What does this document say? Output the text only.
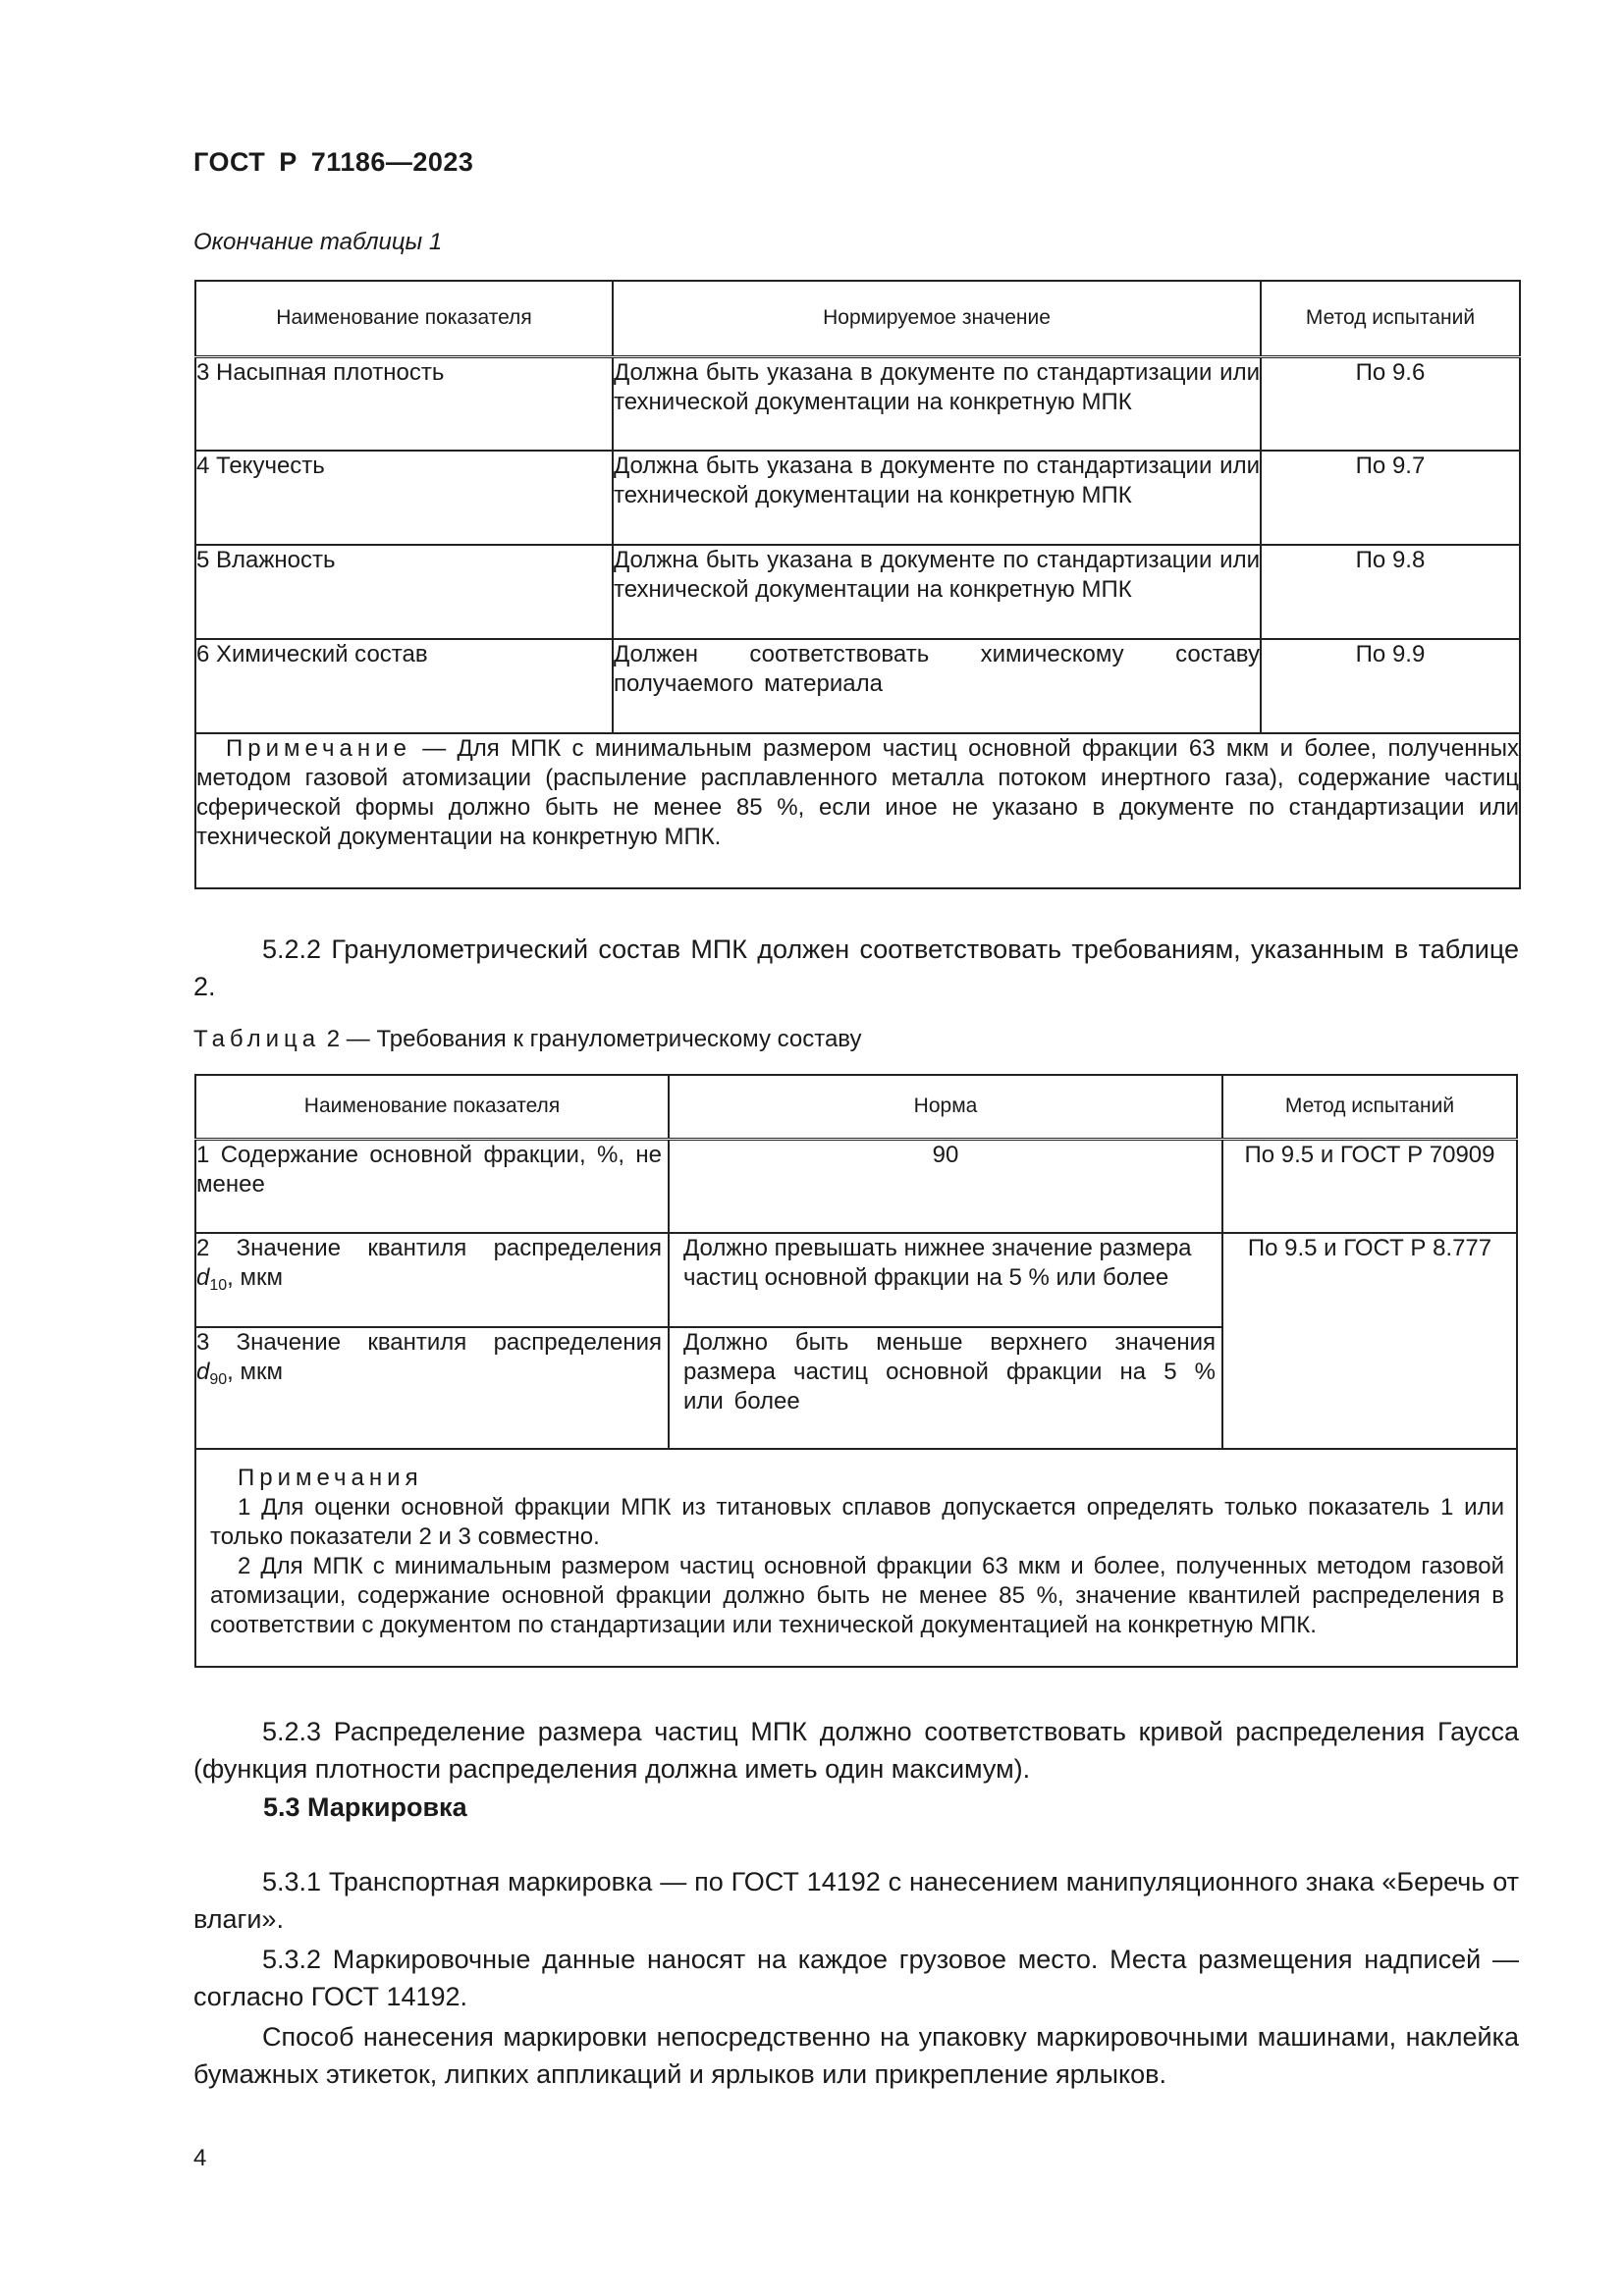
ГОСТ Р 71186—2023
Окончание таблицы 1
Наименование показателя	Нормируемое значение	Метод испытаний
3 Насыпная плотность	Должна быть указана в документе по стандартизации или технической документации на конкретную МПК	По 9.6
4 Текучесть	Должна быть указана в документе по стандартизации или технической документации на конкретную МПК	По 9.7
5 Влажность	Должна быть указана в документе по стандартизации или технической документации на конкретную МПК	По 9.8
6 Химический состав	Должен соответствовать химическому составу получаемого материала	По 9.9
Примечание — Для МПК с минимальным размером частиц основной фракции 63 мкм и более, полученных методом газовой атомизации (распыление расплавленного металла потоком инертного газа), содержание частиц сферической формы должно быть не менее 85 %, если иное не указано в документе по стандартизации или технической документации на конкретную МПК.		
5.2.2 Гранулометрический состав МПК должен соответствовать требованиям, указанным в таблице 2.
Таблица 2 — Требования к гранулометрическому составу
Наименование показателя	Норма	Метод испытаний
1 Содержание основной фракции, %, не менее	90	По 9.5 и ГОСТ Р 70909

2 Значение квантиля распределения
$d_{10}$, мкм	Должно превышать нижнее значение размера частиц основной фракции на 5 % или более	По 9.5 и ГОСТ Р 8.777

3 Значение квантиля распределения
$d_{90}$, мкм	Должно быть меньше верхнего значения размера частиц основной фракции на 5 % или более	

Примечания
1 Для оценки основной фракции МПК из титановых сплавов допускается определять только показатель 1 или только показатели 2 и 3 совместно.
2 Для МПК с минимальным размером частиц основной фракции 63 мкм и более, полученных методом газовой атомизации, содержание основной фракции должно быть не менее 85 %, значение квантилей распределения в соответствии с документом по стандартизации или технической документацией на конкретную МПК.		
5.2.3 Распределение размера частиц МПК должно соответствовать кривой распределения Гаусса (функция плотности распределения должна иметь один максимум).
5.3 Маркировка
5.3.1 Транспортная маркировка — по ГОСТ 14192 с нанесением манипуляционного знака «Беречь от влаги».
5.3.2 Маркировочные данные наносят на каждое грузовое место. Места размещения надписей — согласно ГОСТ 14192.
Способ нанесения маркировки непосредственно на упаковку маркировочными машинами, наклейка бумажных этикеток, липких аппликаций и ярлыков или прикрепление ярлыков.
4
